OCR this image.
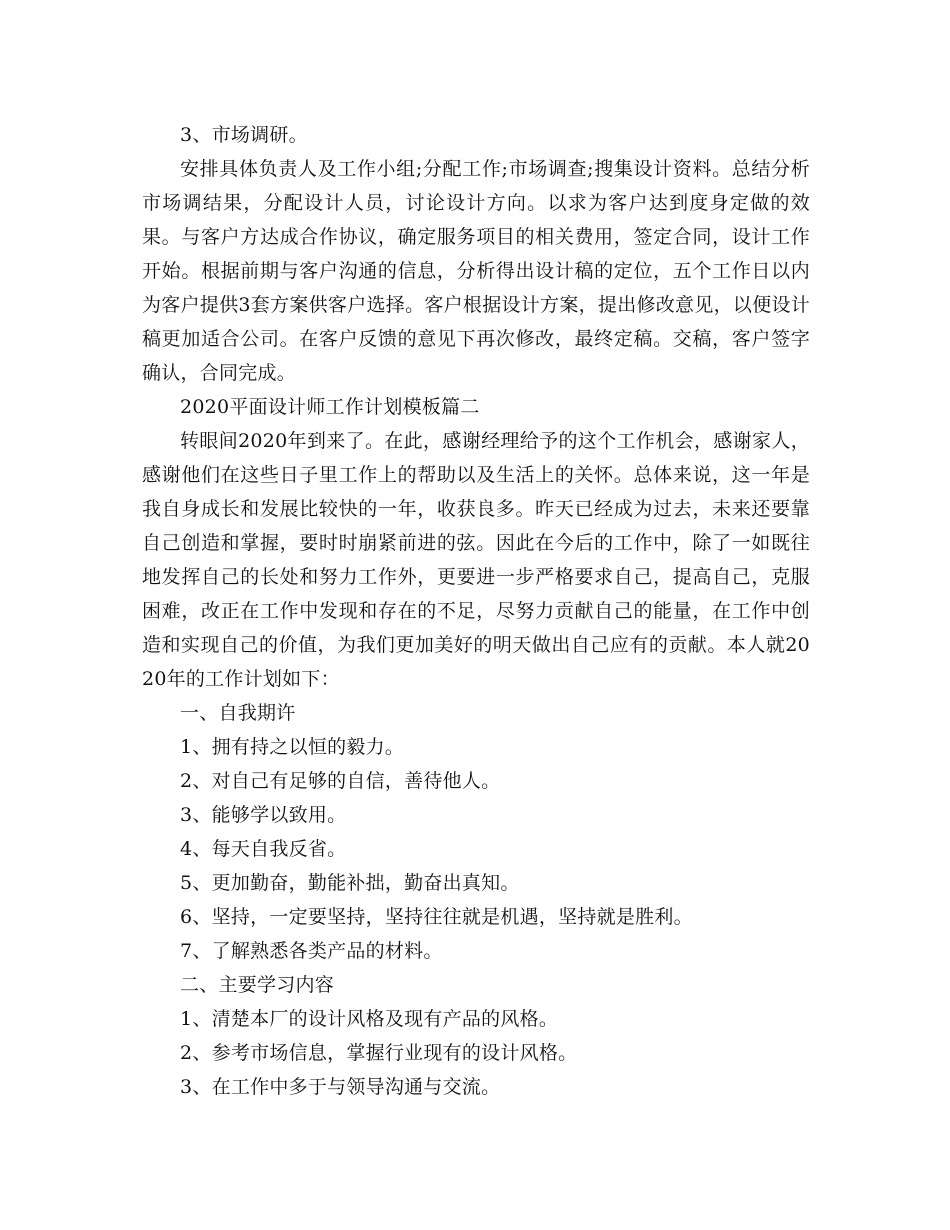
3、市场调研。

安排具体负责人及工作小组;分配工作;市场调查;搜集设计资料。总结分析市场调结果，分配设计人员，讨论设计方向。以求为客户达到度身定做的效果。与客户方达成合作协议，确定服务项目的相关费用，签定合同，设计工作开始。根据前期与客户沟通的信息，分析得出设计稿的定位，五个工作日以内为客户提供3套方案供客户选择。客户根据设计方案，提出修改意见，以便设计稿更加适合公司。在客户反馈的意见下再次修改，最终定稿。交稿，客户签字确认，合同完成。

2020平面设计师工作计划模板篇二

转眼间2020年到来了。在此，感谢经理给予的这个工作机会，感谢家人，感谢他们在这些日子里工作上的帮助以及生活上的关怀。总体来说，这一年是我自身成长和发展比较快的一年，收获良多。昨天已经成为过去，未来还要靠自己创造和掌握，要时时崩紧前进的弦。因此在今后的工作中，除了一如既往地发挥自己的长处和努力工作外，更要进一步严格要求自己，提高自己，克服困难，改正在工作中发现和存在的不足，尽努力贡献自己的能量，在工作中创造和实现自己的价值，为我们更加美好的明天做出自己应有的贡献。本人就2020年的工作计划如下：

一、自我期许

1、拥有持之以恒的毅力。

2、对自己有足够的自信，善待他人。

3、能够学以致用。

4、每天自我反省。

5、更加勤奋，勤能补拙，勤奋出真知。

6、坚持，一定要坚持，坚持往往就是机遇，坚持就是胜利。

7、了解熟悉各类产品的材料。

二、主要学习内容

1、清楚本厂的设计风格及现有产品的风格。

2、参考市场信息，掌握行业现有的设计风格。

3、在工作中多于与领导沟通与交流。
